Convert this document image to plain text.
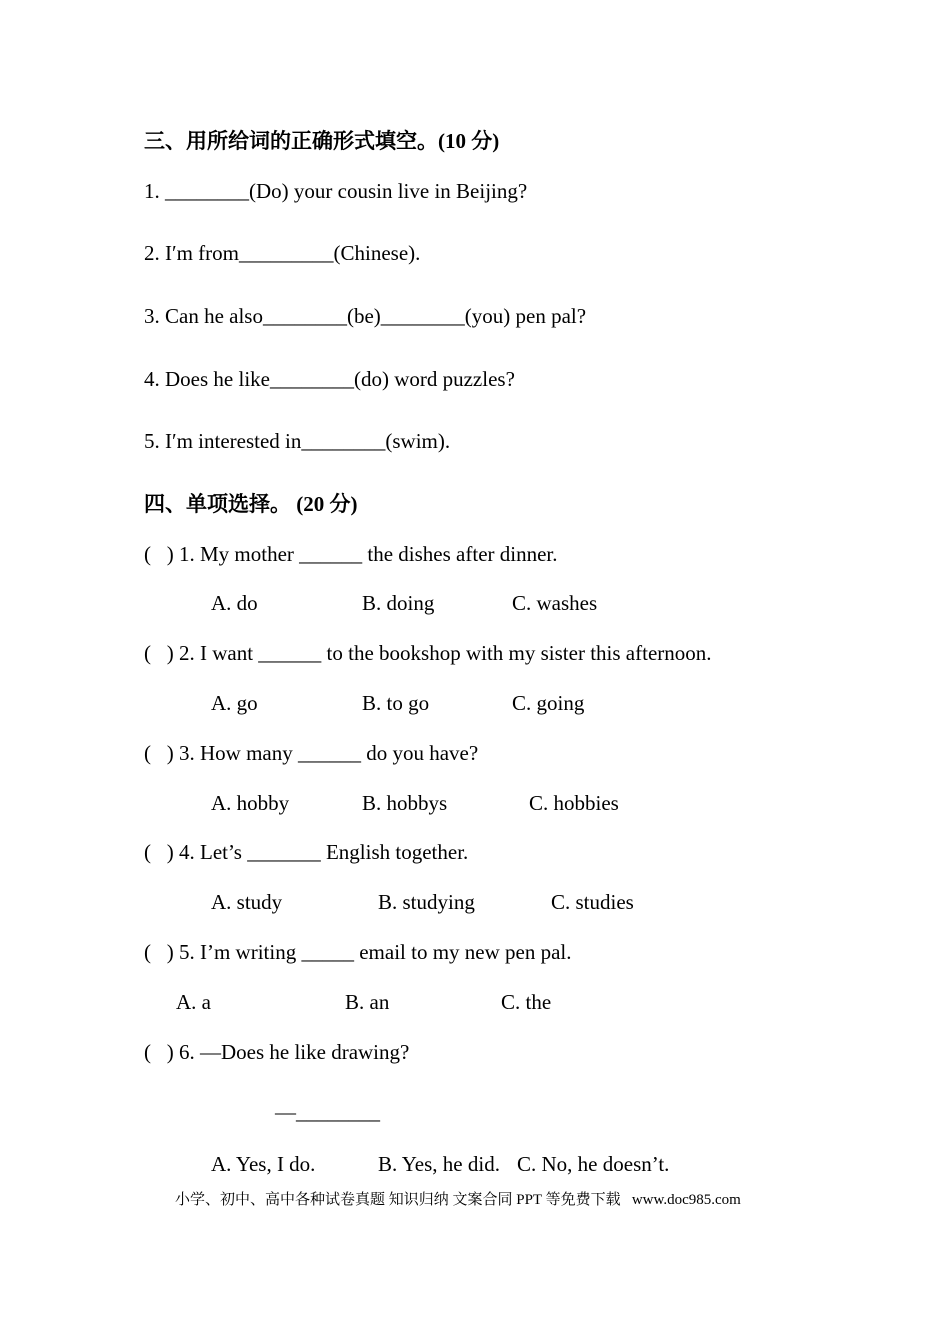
三、用所给词的正确形式填空。(10 分)
1. ________(Do) your cousin live in Beijing?
2. I′m from_________(Chinese).
3. Can he also________(be)________(you) pen pal?
4. Does he like________(do) word puzzles?
5. I′m interested in________(swim).
四、单项选择。 (20 分)
(   ) 1. My mother ______ the dishes after dinner.
A. do	B. doing	C. washes
(   ) 2. I want ______ to the bookshop with my sister this afternoon.
A. go	B. to go	C. going
(   ) 3. How many ______ do you have?
A. hobby	B. hobbys	C. hobbies
(   ) 4. Let’s _______ English together.
A. study	B. studying	C. studies
(   ) 5. I’m writing _____ email to my new pen pal.
A. a	B. an	C. the
(   ) 6. —Does he like drawing?
—________
A. Yes, I do.	B. Yes, he did. C. No, he doesn’t.
小学、初中、高中各种试卷真题 知识归纳 文案合同 PPT 等免费下载   www.doc985.com
